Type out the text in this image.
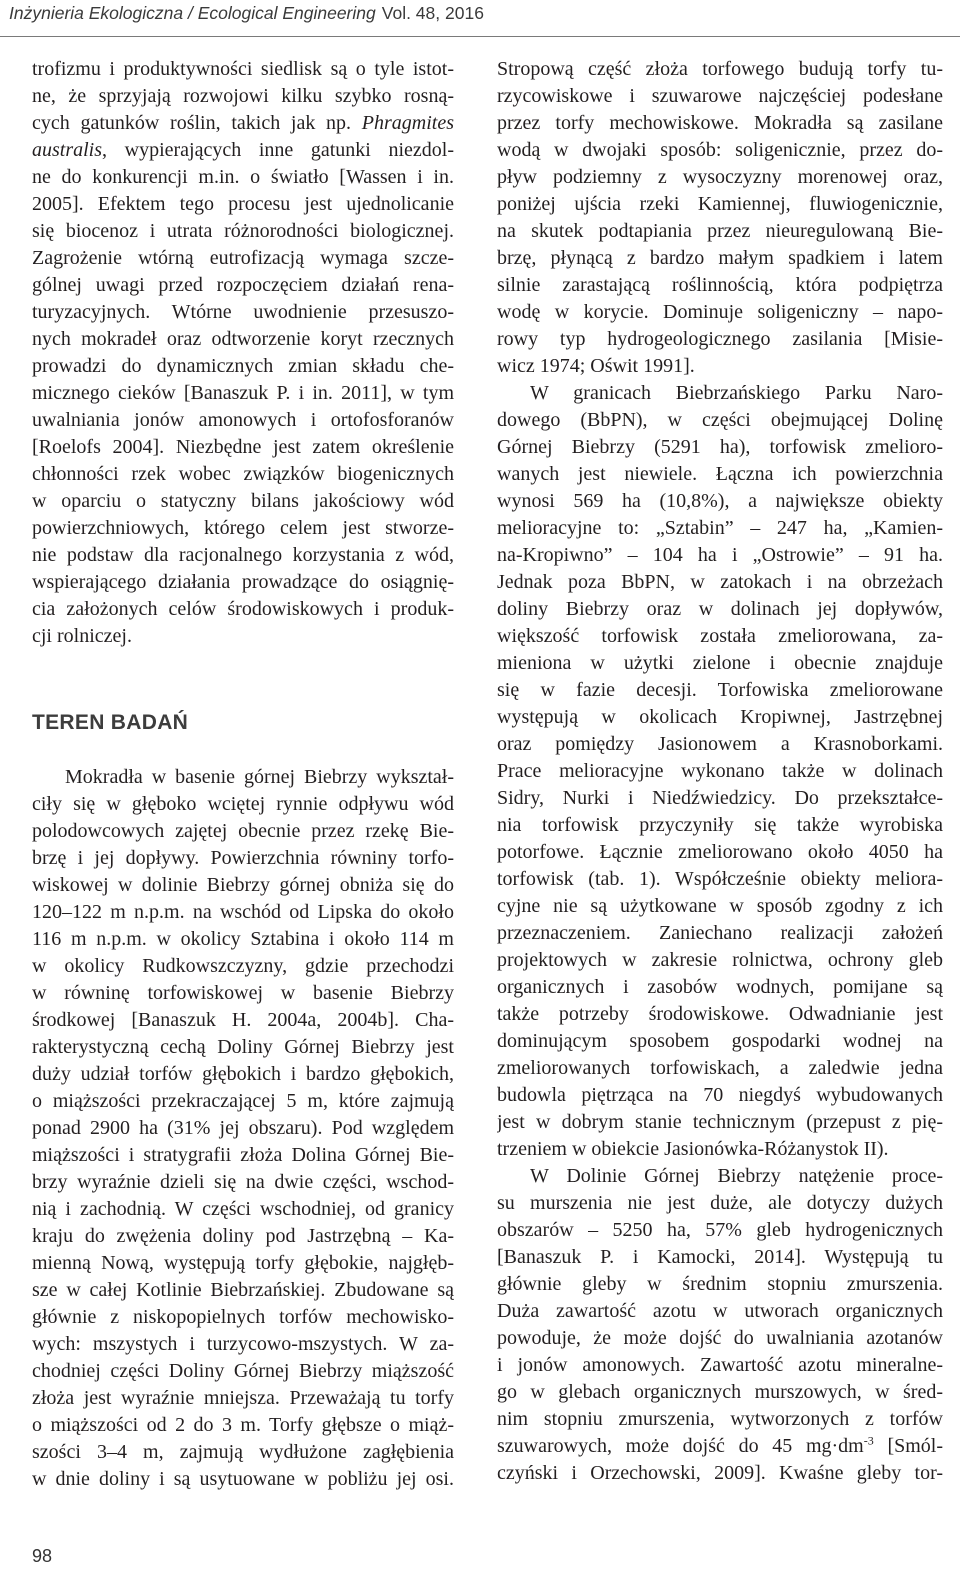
Inżynieria Ekologiczna / Ecological Engineering Vol. 48, 2016
trofizmu i produktywności siedlisk są o tyle istot-
ne, że sprzyjają rozwojowi kilku szybko rosną-
cych gatunków roślin, takich jak np. Phragmites
australis, wypierających inne gatunki niezdol-
ne do konkurencji m.in. o światło [Wassen i in.
2005]. Efektem tego procesu jest ujednolicanie
się biocenoz i utrata różnorodności biologicznej.
Zagrożenie wtórną eutrofizacją wymaga szcze-
gólnej uwagi przed rozpoczęciem działań rena-
turyzacyjnych. Wtórne uwodnienie przesuszo-
nych mokradeł oraz odtworzenie koryt rzecznych
prowadzi do dynamicznych zmian składu che-
micznego cieków [Banaszuk P. i in. 2011], w tym
uwalniania jonów amonowych i ortofosforanów
[Roelofs 2004]. Niezbędne jest zatem określenie
chłonności rzek wobec związków biogenicznych
w oparciu o statyczny bilans jakościowy wód
powierzchniowych, którego celem jest stworze-
nie podstaw dla racjonalnego korzystania z wód,
wspierającego działania prowadzące do osiągnię-
cia założonych celów środowiskowych i produk-
cji rolniczej.
TEREN BADAŃ
Mokradła w basenie górnej Biebrzy wykształ-
ciły się w głęboko wciętej rynnie odpływu wód
polodowcowych zajętej obecnie przez rzekę Bie-
brzę i jej dopływy. Powierzchnia równiny torfo-
wiskowej w dolinie Biebrzy górnej obniża się do
120–122 m n.p.m. na wschód od Lipska do około
116 m n.p.m. w okolicy Sztabina i około 114 m
w okolicy Rudkowszczyzny, gdzie przechodzi
w równinę torfowiskowej w basenie Biebrzy
środkowej [Banaszuk H. 2004a, 2004b]. Cha-
rakterystyczną cechą Doliny Górnej Biebrzy jest
duży udział torfów głębokich i bardzo głębokich,
o miąższości przekraczającej 5 m, które zajmują
ponad 2900 ha (31% jej obszaru). Pod względem
miąższości i stratygrafii złoża Dolina Górnej Bie-
brzy wyraźnie dzieli się na dwie części, wschod-
nią i zachodnią. W części wschodniej, od granicy
kraju do zwężenia doliny pod Jastrzębną – Ka-
mienną Nową, występują torfy głębokie, najgłęb-
sze w całej Kotlinie Biebrzańskiej. Zbudowane są
głównie z niskopopielnych torfów mechowisko-
wych: mszystych i turzycowo-mszystych. W za-
chodniej części Doliny Górnej Biebrzy miąższość
złoża jest wyraźnie mniejsza. Przeważają tu torfy
o miąższości od 2 do 3 m. Torfy głębsze o miąż-
szości 3–4 m, zajmują wydłużone zagłębienia
w dnie doliny i są usytuowane w pobliżu jej osi.
Stropową część złoża torfowego budują torfy tu-
rzycowiskowe i szuwarowe najczęściej podesłane
przez torfy mechowiskowe. Mokradła są zasilane
wodą w dwojaki sposób: soligenicznie, przez do-
pływ podziemny z wysoczyzny morenowej oraz,
poniżej ujścia rzeki Kamiennej, fluwiogenicznie,
na skutek podtapiania przez nieuregulowaną Bie-
brzę, płynącą z bardzo małym spadkiem i latem
silnie zarastającą roślinnością, która podpiętrza
wodę w korycie. Dominuje soligeniczny – napo-
rowy typ hydrogeologicznego zasilania [Misie-
wicz 1974; Oświt 1991].
W granicach Biebrzańskiego Parku Naro-
dowego (BbPN), w części obejmującej Dolinę
Górnej Biebrzy (5291 ha), torfowisk zmelioro-
wanych jest niewiele. Łączna ich powierzchnia
wynosi 569 ha (10,8%), a największe obiekty
melioracyjne to: „Sztabin” – 247 ha, „Kamien-
na-Kropiwno” – 104 ha i „Ostrowie” – 91 ha.
Jednak poza BbPN, w zatokach i na obrzeżach
doliny Biebrzy oraz w dolinach jej dopływów,
większość torfowisk została zmeliorowana, za-
mieniona w użytki zielone i obecnie znajduje
się w fazie decesji. Torfowiska zmeliorowane
występują w okolicach Kropiwnej, Jastrzębnej
oraz pomiędzy Jasionowem a Krasnoborkami.
Prace melioracyjne wykonano także w dolinach
Sidry, Nurki i Niedźwiedzicy. Do przekształce-
nia torfowisk przyczyniły się także wyrobiska
potorfowe. Łącznie zmeliorowano około 4050 ha
torfowisk (tab. 1). Współcześnie obiekty meliora-
cyjne nie są użytkowane w sposób zgodny z ich
przeznaczeniem. Zaniechano realizacji założeń
projektowych w zakresie rolnictwa, ochrony gleb
organicznych i zasobów wodnych, pomijane są
także potrzeby środowiskowe. Odwadnianie jest
dominującym sposobem gospodarki wodnej na
zmeliorowanych torfowiskach, a zaledwie jedna
budowla piętrząca na 70 niegdyś wybudowanych
jest w dobrym stanie technicznym (przepust z pię-
trzeniem w obiekcie Jasionówka-Różanystok II).
W Dolinie Górnej Biebrzy natężenie proce-
su murszenia nie jest duże, ale dotyczy dużych
obszarów – 5250 ha, 57% gleb hydrogenicznych
[Banaszuk P. i Kamocki, 2014]. Występują tu
głównie gleby w średnim stopniu zmurszenia.
Duża zawartość azotu w utworach organicznych
powoduje, że może dojść do uwalniania azotanów
i jonów amonowych. Zawartość azotu mineralne-
go w glebach organicznych murszowych, w śred-
nim stopniu zmurszenia, wytworzonych z torfów
szuwarowych, może dojść do 45 $mg\cdot dm^{-3}$ [Smól-
czyński i Orzechowski, 2009]. Kwaśne gleby tor-
98
